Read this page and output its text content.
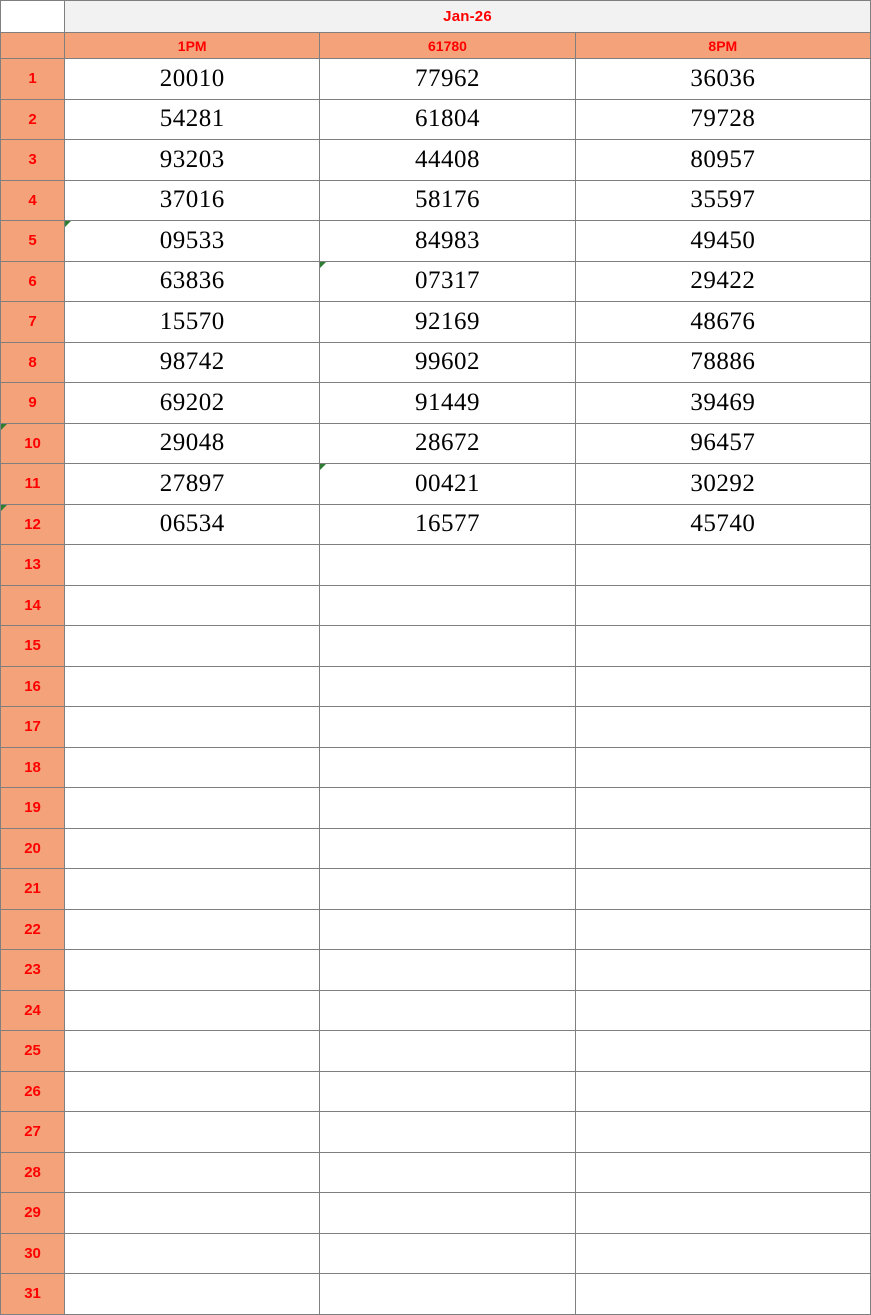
	Jan-26		
	1PM	61780	8PM

1	20010	77962	36036

2	54281	61804	79728

3	93203	44408	80957

4	37016	58176	35597

5	09533	84983	49450

6	63836	07317	29422

7	15570	92169	48676

8	98742	99602	78886

9	69202	91449	39469

10	29048	28672	96457

11	27897	00421	30292

12	06534	16577	45740

13			

14			

15			

16			

17			

18			

19			

20			

21			

22			

23			

24			

25			

26			

27			

28			

29			

30			

31			
